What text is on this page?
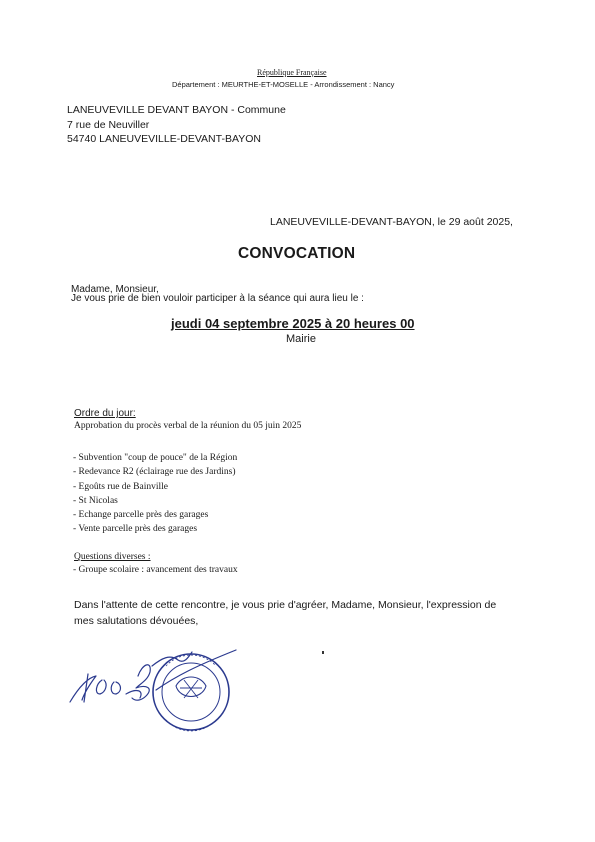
République Française
Département : MEURTHE-ET-MOSELLE - Arrondissement : Nancy
LANEUVEVILLE DEVANT BAYON - Commune
7 rue de Neuviller
54740 LANEUVEVILLE-DEVANT-BAYON
LANEUVEVILLE-DEVANT-BAYON, le 29 août 2025,
CONVOCATION
Madame, Monsieur,
Je vous prie de bien vouloir participer à la séance qui aura lieu le :
jeudi 04 septembre 2025 à 20 heures 00
Mairie
Ordre du jour:
Approbation du procès verbal de la réunion du 05 juin 2025
- Subvention "coup de pouce" de la Région
- Redevance R2 (éclairage rue des Jardins)
- Egoûts rue de Bainville
- St Nicolas
- Echange parcelle près des garages
- Vente parcelle près des garages
Questions diverses :
- Groupe scolaire : avancement des travaux
Dans l'attente de cette rencontre, je vous prie d'agréer, Madame, Monsieur, l'expression de
mes salutations dévouées,
